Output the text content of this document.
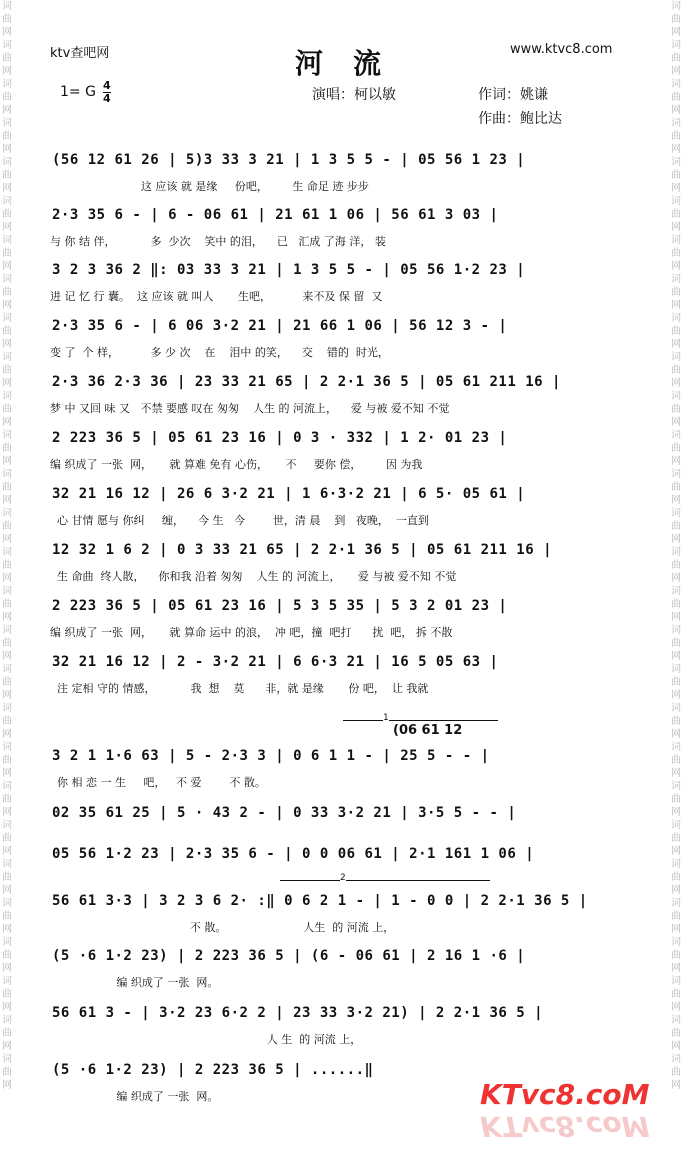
词曲网词曲网词曲网词曲网词曲网词曲网词曲网词曲网词曲网词曲网词曲网词曲网词曲网词曲网词曲网词曲网词曲网词曲网词曲网词曲网词曲网词曲网词曲网词曲网词曲网词曲网词曲网词曲网
词曲网词曲网词曲网词曲网词曲网词曲网词曲网词曲网词曲网词曲网词曲网词曲网词曲网词曲网词曲网词曲网词曲网词曲网词曲网词曲网词曲网词曲网词曲网词曲网词曲网词曲网词曲网词曲网
ktv查吧网	河流	www.ktvc8.com
1= G 4
4	演唱：柯以敏	作词：姚谦
作曲：鲍比达
(56 12 61 26 | 5)3 33 3 21 | 1 3 5 5 - | 05 56 1 23 |
这 应该 就 是缘     份吧，       生 命足 迹 步步
2·3 35 6 - | 6 - 06 61 | 21 61 1 06 | 56 61 3 03 |
与 你 结 伴，          多  少次    笑中 的泪，    已   汇成 了海 洋， 装
3 2 3 36 2 ‖: 03 33 3 21 | 1 3 5 5 - | 05 56 1·2 23 |
进 记 忆 行 囊。  这 应该 就 叫人       生吧，         来不及 保 留  又
2·3 35 6 - | 6 06 3·2 21 | 21 66 1 06 | 56 12 3 - |
变 了  个 样，         多 少 次    在    泪中 的笑，    交    错的  时光，
2·3 36 2·3 36 | 23 33 21 65 | 2 2·1 36 5 | 05 61 211 16 |
梦 中 又回 味 又   不禁 要感 叹在 匆匆    人生 的 河流上，    爱 与被 爱不知 不觉
2 223 36 5 | 05 61 23 16 | 0 3 · 332 | 1 2· 01 23 |
编 织成了 一张  网，     就 算难 免有 心伤，     不     要你 偿，       因 为我
32 21 16 12 | 26 6 3·2 21 | 1 6·3·2 21 | 6 5· 05 61 |
心 甘情 愿与 你纠     缠，    今 生   今        世，清 晨    到   夜晚，  一直到
12 32 1 6 2 | 0 3 33 21 65 | 2 2·1 36 5 | 05 61 211 16 |
生 命曲  终人散，    你和我 沿着 匆匆    人生 的 河流上，     爱 与被 爱不知 不觉
2 223 36 5 | 05 61 23 16 | 5 3 5 35 | 5 3 2 01 23 |
编 织成了 一张  网，     就 算命 运中 的浪，  冲 吧，撞  吧打      扰  吧， 拆 不散
32 21 16 12 | 2 - 3·2 21 | 6 6·3 21 | 16 5 05 63 |
注 定相 守的 情感，          我  想    莫      非，就 是缘       份 吧，  让 我就
3 2 1 1·6 63 | 5 - 2·3 3 | 0 6 1 1 - | 25 5 - - |
你 相 恋 一 生     吧，   不 爱        不 散。
02 35 61 25 | 5 · 43 2 - | 0 33 3·2 21 | 3·5 5 - - |
05 56 1·2 23 | 2·3 35 6 - | 0 0 06 61 | 2·1 161 1 06 |
56 61 3·3 | 3 2 3 6 2· :‖ 0 6 2 1 - | 1 - 0 0 | 2 2·1 36 5 |
不 散。                      人生  的 河流 上，
(5 ·6 1·2 23) | 2 223 36 5 | (6 - 06 61 | 2 16 1 ·6 |
编 织成了 一张  网。
56 61 3 - | 3·2 23 6·2 2 | 23 33 3·2 21) | 2 2·1 36 5 |
人 生  的 河流 上，
(5 ·6 1·2 23) | 2 223 36 5 | ......‖
编 织成了 一张  网。
1
(06 61 12
2
KTvc8.coM
KTvc8.coM
